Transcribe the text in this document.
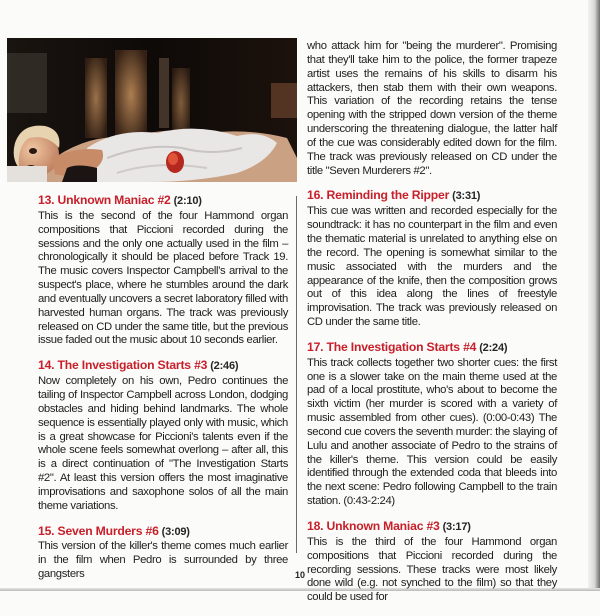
13. Unknown Maniac #2 (2:10)

This is the second of the four Hammond organ compositions that Piccioni recorded during the sessions and the only one actually used in the film – chronologically it should be placed before Track 19. The music covers Inspector Campbell's arrival to the suspect's place, where he stumbles around the dark and eventually uncovers a secret laboratory filled with harvested human organs. The track was previously released on CD under the same title, but the previous issue faded out the music about 10 seconds earlier.

14. The Investigation Starts #3 (2:46)

Now completely on his own, Pedro continues the tailing of Inspector Campbell across London, dodging obstacles and hiding behind landmarks. The whole sequence is essentially played only with music, which is a great showcase for Piccioni's talents even if the whole scene feels somewhat overlong – after all, this is a direct continuation of "The Investigation Starts #2". At least this version offers the most imaginative improvisations and saxophone solos of all the main theme variations.

15. Seven Murders #6 (3:09)

This version of the killer's theme comes much earlier in the film when Pedro is surrounded by three gangsters

who attack him for "being the murderer". Promising that they'll take him to the police, the former trapeze artist uses the remains of his skills to disarm his attackers, then stab them with their own weapons. This variation of the recording retains the tense opening with the stripped down version of the theme underscoring the threatening dialogue, the latter half of the cue was considerably edited down for the film. The track was previously released on CD under the title "Seven Murderers #2".

16. Reminding the Ripper (3:31)

This cue was written and recorded especially for the soundtrack: it has no counterpart in the film and even the thematic material is unrelated to anything else on the record. The opening is somewhat similar to the music associated with the murders and the appearance of the knife, then the composition grows out of this idea along the lines of freestyle improvisation. The track was previously released on CD under the same title.

17. The Investigation Starts #4 (2:24)

This track collects together two shorter cues: the first one is a slower take on the main theme used at the pad of a local prostitute, who's about to become the sixth victim (her murder is scored with a variety of music assembled from other cues). (0:00-0:43) The second cue covers the seventh murder: the slaying of Lulu and another associate of Pedro to the strains of the killer's theme. This version could be easily identified through the extended coda that bleeds into the next scene: Pedro following Campbell to the train station. (0:43-2:24)

18. Unknown Maniac #3 (3:17)

This is the third of the four Hammond organ compositions that Piccioni recorded during the recording sessions. These tracks were most likely done wild (e.g. not synched to the film) so that they could be used for

10
